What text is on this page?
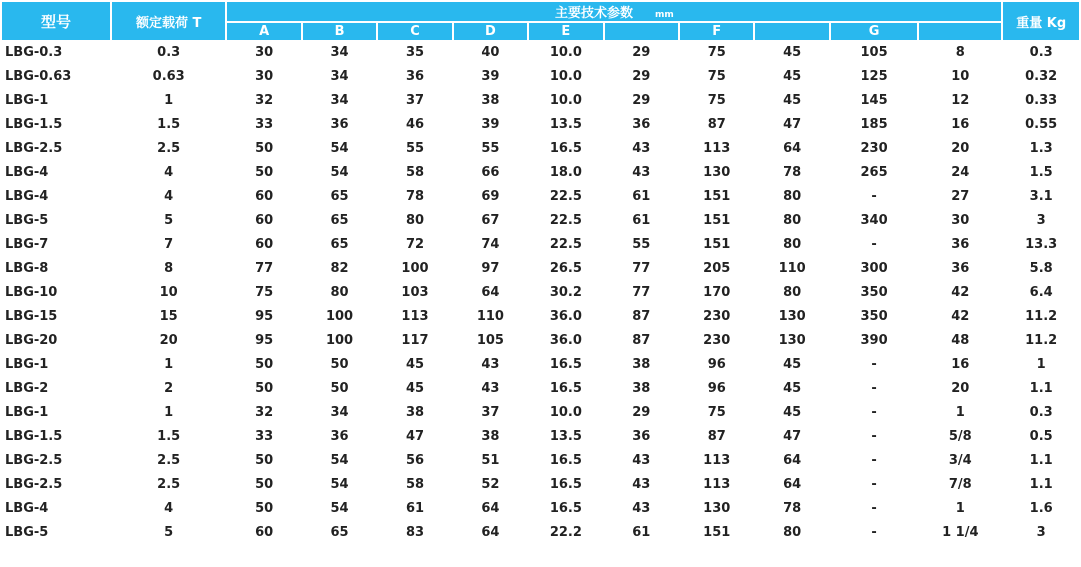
型号	额定载荷 T	主要技术参数 mm										重量 Kg
		A	B	C	D	E		F		G		
LBG-0.3	0.3	30	34	35	40	10.0	29	75	45	105	8	0.3
LBG-0.63	0.63	30	34	36	39	10.0	29	75	45	125	10	0.32
LBG-1	1	32	34	37	38	10.0	29	75	45	145	12	0.33
LBG-1.5	1.5	33	36	46	39	13.5	36	87	47	185	16	0.55
LBG-2.5	2.5	50	54	55	55	16.5	43	113	64	230	20	1.3
LBG-4	4	50	54	58	66	18.0	43	130	78	265	24	1.5
LBG-4	4	60	65	78	69	22.5	61	151	80	-	27	3.1
LBG-5	5	60	65	80	67	22.5	61	151	80	340	30	3
LBG-7	7	60	65	72	74	22.5	55	151	80	-	36	13.3
LBG-8	8	77	82	100	97	26.5	77	205	110	300	36	5.8
LBG-10	10	75	80	103	64	30.2	77	170	80	350	42	6.4
LBG-15	15	95	100	113	110	36.0	87	230	130	350	42	11.2
LBG-20	20	95	100	117	105	36.0	87	230	130	390	48	11.2
LBG-1	1	50	50	45	43	16.5	38	96	45	-	16	1
LBG-2	2	50	50	45	43	16.5	38	96	45	-	20	1.1
LBG-1	1	32	34	38	37	10.0	29	75	45	-	1	0.3
LBG-1.5	1.5	33	36	47	38	13.5	36	87	47	-	5/8	0.5
LBG-2.5	2.5	50	54	56	51	16.5	43	113	64	-	3/4	1.1
LBG-2.5	2.5	50	54	58	52	16.5	43	113	64	-	7/8	1.1
LBG-4	4	50	54	61	64	16.5	43	130	78	-	1	1.6
LBG-5	5	60	65	83	64	22.2	61	151	80	-	1 1/4	3
